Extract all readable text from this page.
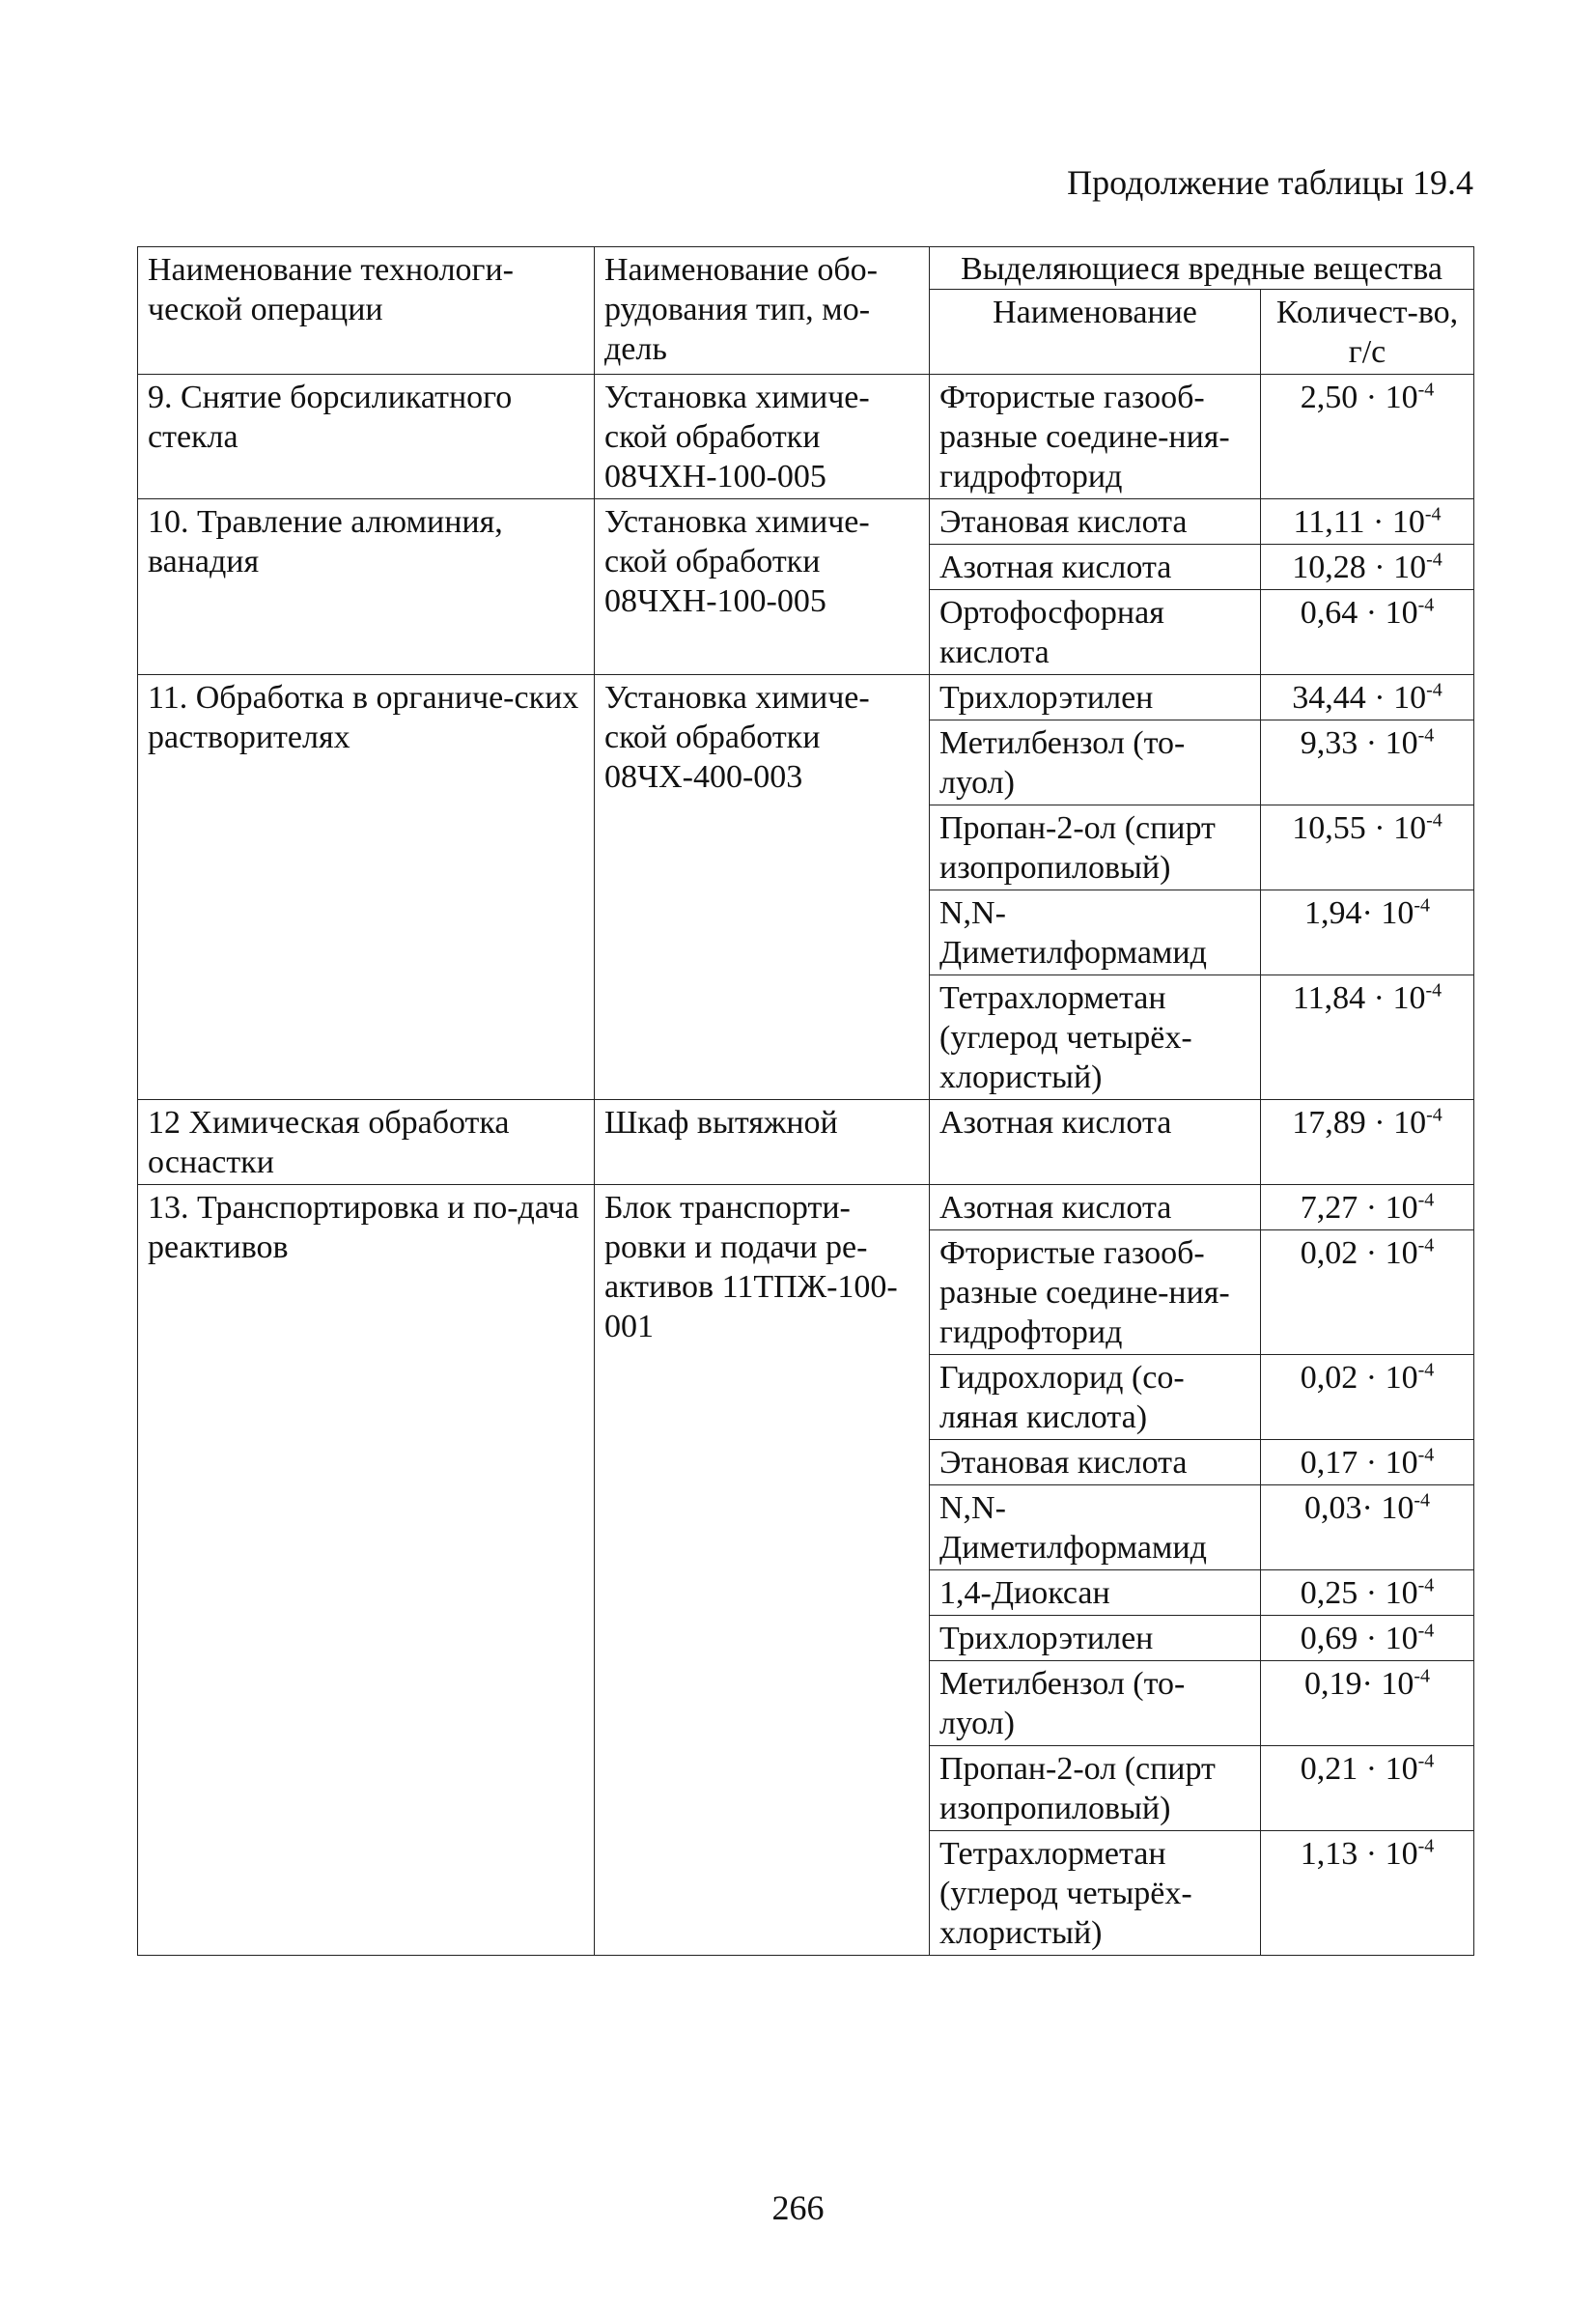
Продолжение таблицы 19.4
Наименование технологи-ческой операции	Наименование обо-рудования тип, мо-дель	Выделяющиеся вредные вещества	
		Наименование	Количест-во, г/с
9. Снятие борсиликатного стекла	Установка химиче-ской обработки 08ЧХН-100-005	Фтористые газооб-разные соедине-ния-гидрофторид	$2,50 \cdot 10^{-4}$
10. Травление алюминия, ванадия	Установка химиче-ской обработки 08ЧХН-100-005	Этановая кислота	$11,11 \cdot 10^{-4}$
		Азотная кислота	$10,28 \cdot 10^{-4}$
		Ортофосфорная кислота	$0,64 \cdot 10^{-4}$
11. Обработка в органиче-ских растворителях	Установка химиче-ской обработки 08ЧХ-400-003	Трихлорэтилен	$34,44 \cdot 10^{-4}$
		Метилбензол (то-луол)	$9,33 \cdot 10^{-4}$
		Пропан-2-ол (спирт изопропиловый)	$10,55 \cdot 10^{-4}$
		N,N-Диметилформамид	$1,94\cdot 10^{-4}$
		Тетрахлорметан (углерод четырёх-хлористый)	$11,84 \cdot 10^{-4}$
12 Химическая обработка оснастки	Шкаф вытяжной	Азотная кислота	$17,89 \cdot 10^{-4}$
13. Транспортировка и по-дача реактивов	Блок транспорти-ровки и подачи ре-активов 11ТПЖ-100-001	Азотная кислота	$7,27 \cdot 10^{-4}$
		Фтористые газооб-разные соедине-ния-гидрофторид	$0,02 \cdot 10^{-4}$
		Гидрохлорид (со-ляная кислота)	$0,02 \cdot 10^{-4}$
		Этановая кислота	$0,17 \cdot 10^{-4}$
		N,N-Диметилформамид	$0,03\cdot 10^{-4}$
		1,4-Диоксан	$0,25 \cdot 10^{-4}$
		Трихлорэтилен	$0,69 \cdot 10^{-4}$
		Метилбензол (то-луол)	$0,19\cdot 10^{-4}$
		Пропан-2-ол (спирт изопропиловый)	$0,21 \cdot 10^{-4}$
		Тетрахлорметан (углерод четырёх-хлористый)	$1,13 \cdot 10^{-4}$
266
